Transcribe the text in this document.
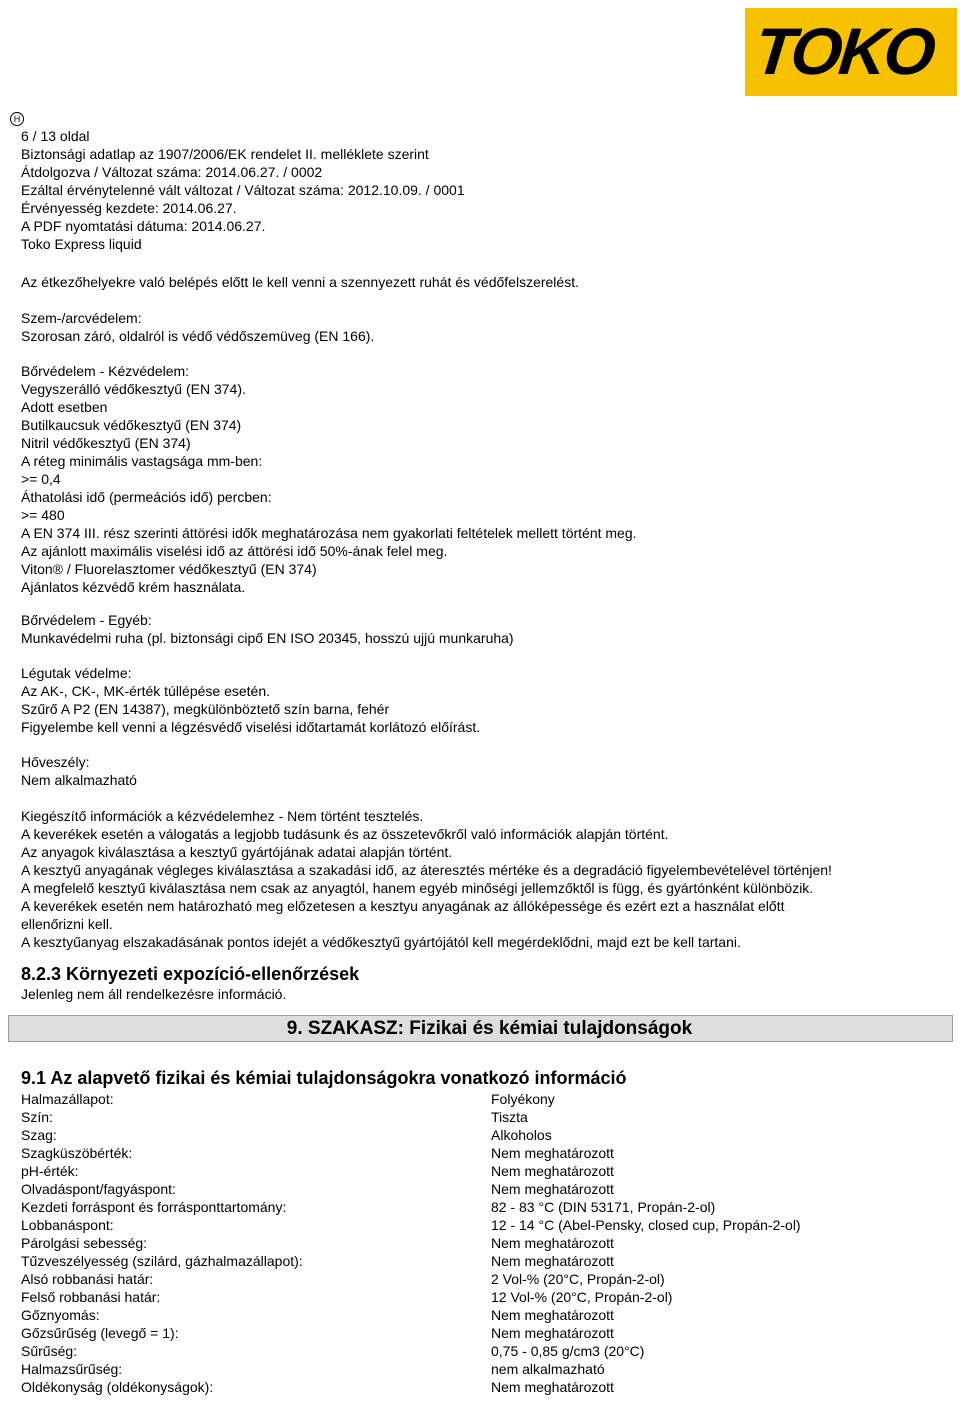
TOKO
H
6 / 13 oldal
Biztonsági adatlap az 1907/2006/EK rendelet II. melléklete szerint
Átdolgozva / Változat száma: 2014.06.27. / 0002
Ezáltal érvénytelenné vált változat / Változat száma: 2012.10.09. / 0001
Érvényesség kezdete: 2014.06.27.
A PDF nyomtatási dátuma: 2014.06.27.
Toko Express liquid
Az étkezőhelyekre való belépés előtt le kell venni a szennyezett ruhát és védőfelszerelést.
Szem-/arcvédelem:
Szorosan záró, oldalról is védő védőszemüveg (EN 166).
Bőrvédelem - Kézvédelem:
Vegyszerálló védőkesztyű (EN 374).
Adott esetben
Butilkaucsuk védőkesztyű (EN 374)
Nitril védőkesztyű (EN 374)
A réteg minimális vastagsága mm-ben:
>= 0,4
Áthatolási idő (permeációs idő) percben:
>= 480
A EN 374 III. rész szerinti áttörési idők meghatározása nem gyakorlati feltételek mellett történt meg.
Az ajánlott maximális viselési idő az áttörési idő 50%-ának felel meg.
Viton® / Fluorelasztomer védőkesztyű (EN 374)
Ajánlatos kézvédő krém használata.
Bőrvédelem - Egyéb:
Munkavédelmi ruha (pl. biztonsági cipő EN ISO 20345, hosszú ujjú munkaruha)
Légutak védelme:
Az AK-, CK-, MK-érték túllépése esetén.
Szűrő A P2 (EN 14387), megkülönböztető szín barna, fehér
Figyelembe kell venni a légzésvédő viselési időtartamát korlátozó előírást.
Hőveszély:
Nem alkalmazható
Kiegészítő információk a kézvédelemhez - Nem történt tesztelés.
A keverékek esetén a válogatás a legjobb tudásunk és az összetevőkről való információk alapján történt.
Az anyagok kiválasztása a kesztyű gyártójának adatai alapján történt.
A kesztyű anyagának végleges kiválasztása a szakadási idő, az áteresztés mértéke és a degradáció figyelembevételével történjen!
A megfelelő kesztyű kiválasztása nem csak az anyagtól, hanem egyéb minőségi jellemzőktől is függ, és gyártónként különbözik.
A keverékek esetén nem határozható meg előzetesen a kesztyu anyagának az állóképessége és ezért ezt a használat előtt
ellenőrizni kell.
A kesztyűanyag elszakadásának pontos idejét a védőkesztyű gyártójától kell megérdeklődni, majd ezt be kell tartani.
8.2.3 Környezeti expozíció-ellenőrzések
Jelenleg nem áll rendelkezésre információ.
9. SZAKASZ: Fizikai és kémiai tulajdonságok
9.1 Az alapvető fizikai és kémiai tulajdonságokra vonatkozó információ
Halmazállapot:	Folyékony
Szín:	Tiszta
Szag:	Alkoholos
Szagküszöbérték:	Nem meghatározott
pH-érték:	Nem meghatározott
Olvadáspont/fagyáspont:	Nem meghatározott
Kezdeti forráspont és forrásponttartomány:	82 - 83 °C (DIN 53171, Propán-2-ol)
Lobbanáspont:	12 - 14 °C (Abel-Pensky, closed cup, Propán-2-ol)
Párolgási sebesség:	Nem meghatározott
Tűzveszélyesség (szilárd, gázhalmazállapot):	Nem meghatározott
Alsó robbanási határ:	2 Vol-% (20°C, Propán-2-ol)
Felső robbanási határ:	12 Vol-% (20°C, Propán-2-ol)
Gőznyomás:	Nem meghatározott
Gőzsűrűség (levegő = 1):	Nem meghatározott
Sűrűség:	0,75 - 0,85 g/cm3 (20°C)
Halmazsűrűség:	nem alkalmazható
Oldékonyság (oldékonyságok):	Nem meghatározott
